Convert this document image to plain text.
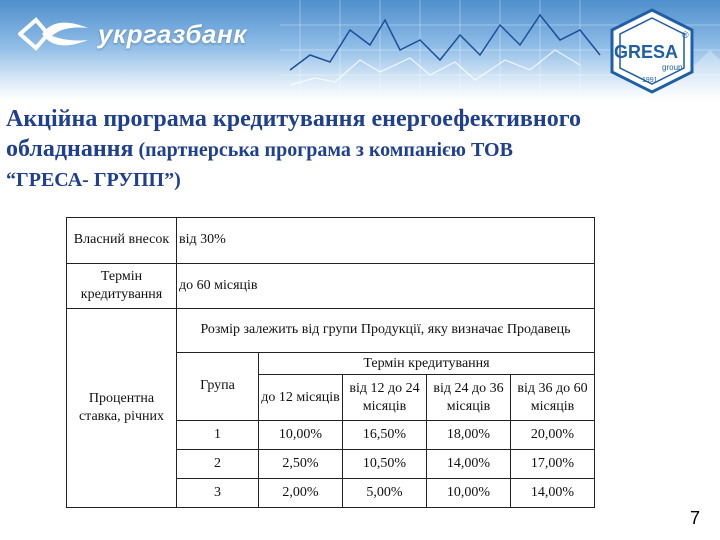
укргазбанк
GRESA
®
group
1991
Акційна програма кредитування енергоефективного
обладнання (партнерська програма з компанією ТОВ
“ГРЕСА- ГРУПП”)
Власний внесок	від 30%				
Термін кредитування	до 60 місяців				
Процентна ставка, річних	Розмір залежить від групи Продукції, яку визначає Продавець				
	Група	Термін кредитування			
		до 12 місяців	від 12 до 24 місяців	від 24 до 36 місяців	від 36 до 60 місяців
	1	10,00%	16,50%	18,00%	20,00%
	2	2,50%	10,50%	14,00%	17,00%
	3	2,00%	5,00%	10,00%	14,00%
7
